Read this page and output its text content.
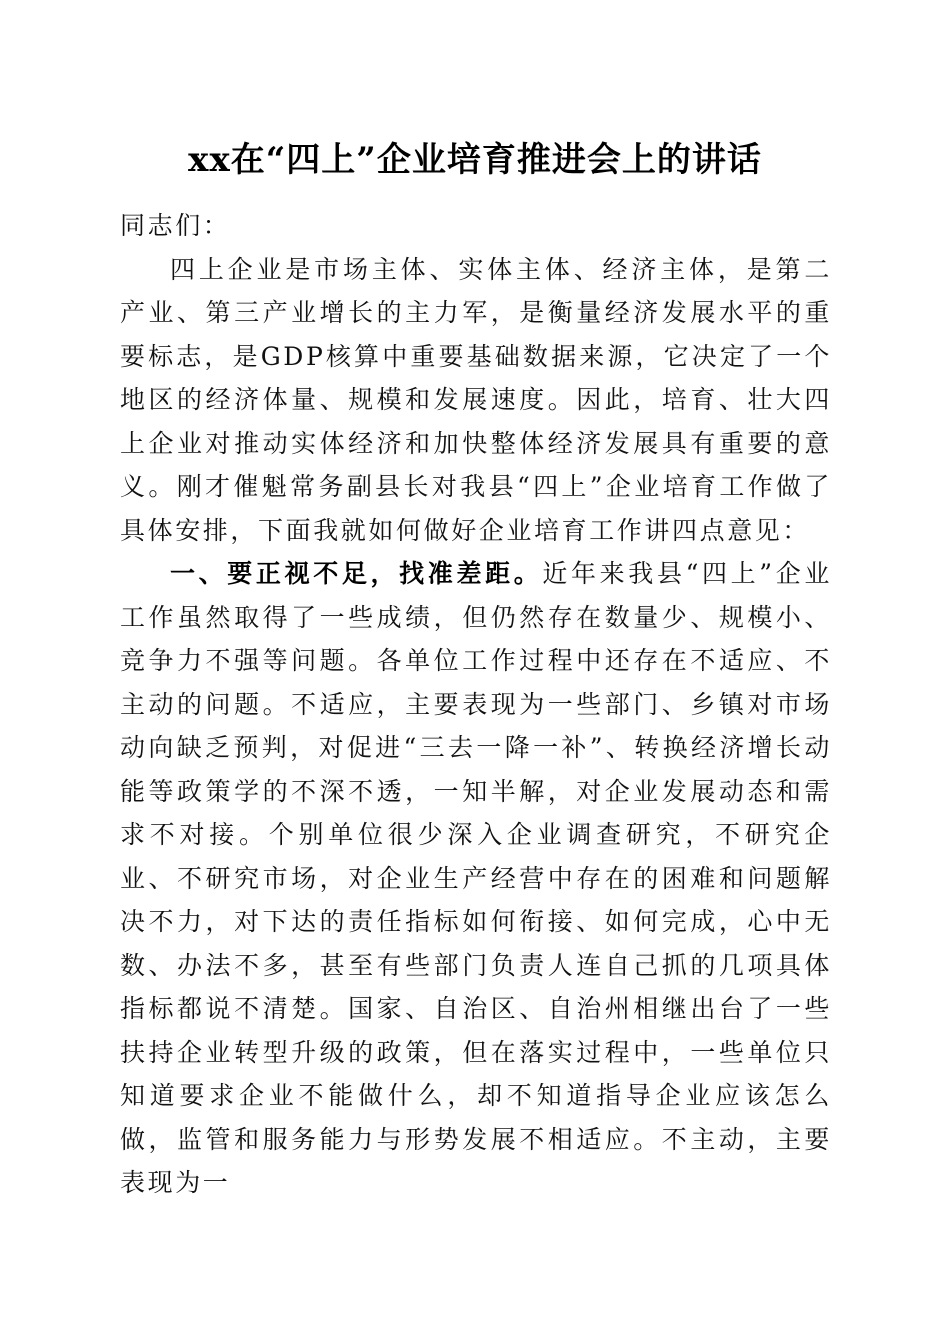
xx在“四上”企业培育推进会上的讲话

同志们：

四上企业是市场主体、实体主体、经济主体，是第二产业、第三产业增长的主力军，是衡量经济发展水平的重要标志，是GDP核算中重要基础数据来源，它决定了一个地区的经济体量、规模和发展速度。因此，培育、壮大四上企业对推动实体经济和加快整体经济发展具有重要的意义。刚才催魁常务副县长对我县“四上”企业培育工作做了具体安排，下面我就如何做好企业培育工作讲四点意见：

一、要正视不足，找准差距。近年来我县“四上”企业工作虽然取得了一些成绩，但仍然存在数量少、规模小、竞争力不强等问题。各单位工作过程中还存在不适应、不主动的问题。不适应，主要表现为一些部门、乡镇对市场动向缺乏预判，对促进“三去一降一补”、转换经济增长动能等政策学的不深不透，一知半解，对企业发展动态和需求不对接。个别单位很少深入企业调查研究，不研究企业、不研究市场，对企业生产经营中存在的困难和问题解决不力，对下达的责任指标如何衔接、如何完成，心中无数、办法不多，甚至有些部门负责人连自己抓的几项具体指标都说不清楚。国家、自治区、自治州相继出台了一些扶持企业转型升级的政策，但在落实过程中，一些单位只知道要求企业不能做什么，却不知道指导企业应该怎么做，监管和服务能力与形势发展不相适应。不主动，主要表现为一
